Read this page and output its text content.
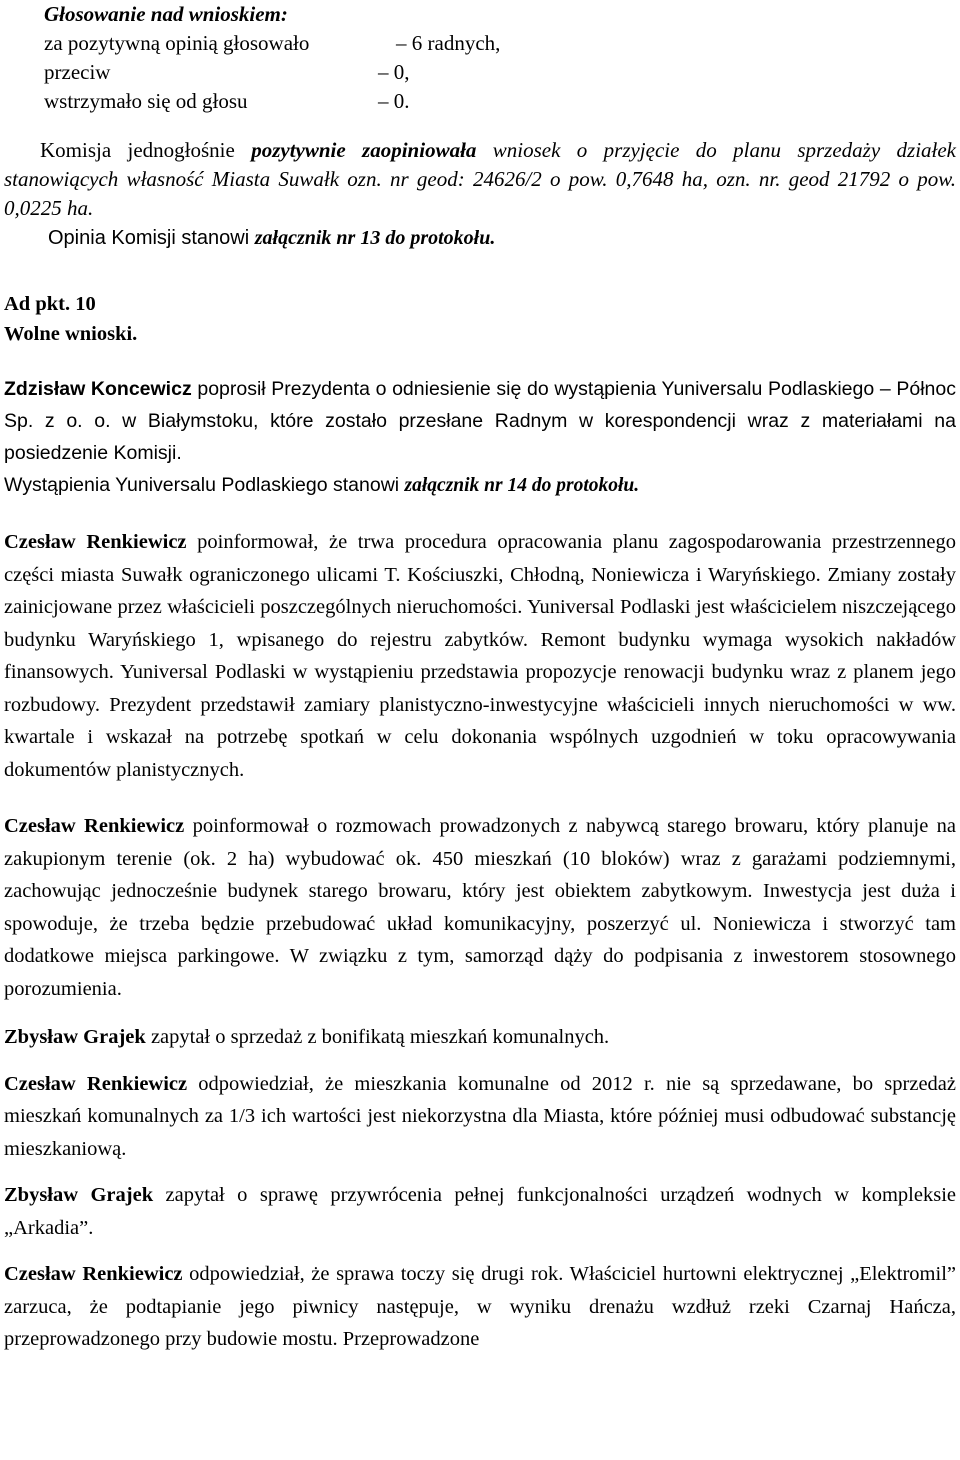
Głosowanie nad wnioskiem:
za pozytywną opinią głosowało	– 6 radnych,
przeciw	– 0,
wstrzymało się od głosu	– 0.

Komisja jednogłośnie pozytywnie zaopiniowała wniosek o przyjęcie do planu sprzedaży działek stanowiących własność Miasta Suwałk ozn. nr geod: 24626/2 o pow. 0,7648 ha, ozn. nr. geod 21792 o pow. 0,0225 ha.

Opinia Komisji stanowi załącznik nr 13 do protokołu.

Ad pkt. 10
Wolne wnioski.

Zdzisław Koncewicz poprosił Prezydenta o odniesienie się do wystąpienia Yuniversalu Podlaskiego – Północ Sp. z o. o. w Białymstoku, które zostało przesłane Radnym w korespondencji wraz z materiałami na posiedzenie Komisji.

Wystąpienia Yuniversalu Podlaskiego stanowi załącznik nr 14 do protokołu.

Czesław Renkiewicz poinformował, że trwa procedura opracowania planu zagospodarowania przestrzennego części miasta Suwałk ograniczonego ulicami T. Kościuszki, Chłodną, Noniewicza i Waryńskiego. Zmiany zostały zainicjowane przez właścicieli poszczególnych nieruchomości. Yuniversal Podlaski jest właścicielem niszczejącego budynku Waryńskiego 1, wpisanego do rejestru zabytków. Remont budynku wymaga wysokich nakładów finansowych. Yuniversal Podlaski w wystąpieniu przedstawia propozycje renowacji budynku wraz z planem jego rozbudowy. Prezydent przedstawił zamiary planistyczno-inwestycyjne właścicieli innych nieruchomości w ww. kwartale i wskazał na potrzebę spotkań w celu dokonania wspólnych uzgodnień w toku opracowywania dokumentów planistycznych.

Czesław Renkiewicz poinformował o rozmowach prowadzonych z nabywcą starego browaru, który planuje na zakupionym terenie (ok. 2 ha) wybudować ok. 450 mieszkań (10 bloków) wraz z garażami podziemnymi, zachowując jednocześnie budynek starego browaru, który jest obiektem zabytkowym. Inwestycja jest duża i spowoduje, że trzeba będzie przebudować układ komunikacyjny, poszerzyć ul. Noniewicza i stworzyć tam dodatkowe miejsca parkingowe. W związku z tym, samorząd dąży do podpisania z inwestorem stosownego porozumienia.

Zbysław Grajek zapytał o sprzedaż z bonifikatą mieszkań komunalnych.

Czesław Renkiewicz odpowiedział, że mieszkania komunalne od 2012 r. nie są sprzedawane, bo sprzedaż mieszkań komunalnych za 1/3 ich wartości jest niekorzystna dla Miasta, które później musi odbudować substancję mieszkaniową.

Zbysław Grajek zapytał o sprawę przywrócenia pełnej funkcjonalności urządzeń wodnych w kompleksie „Arkadia”.

Czesław Renkiewicz odpowiedział, że sprawa toczy się drugi rok. Właściciel hurtowni elektrycznej „Elektromil” zarzuca, że podtapianie jego piwnicy następuje, w wyniku drenażu wzdłuż rzeki Czarnaj Hańcza, przeprowadzonego przy budowie mostu. Przeprowadzone
